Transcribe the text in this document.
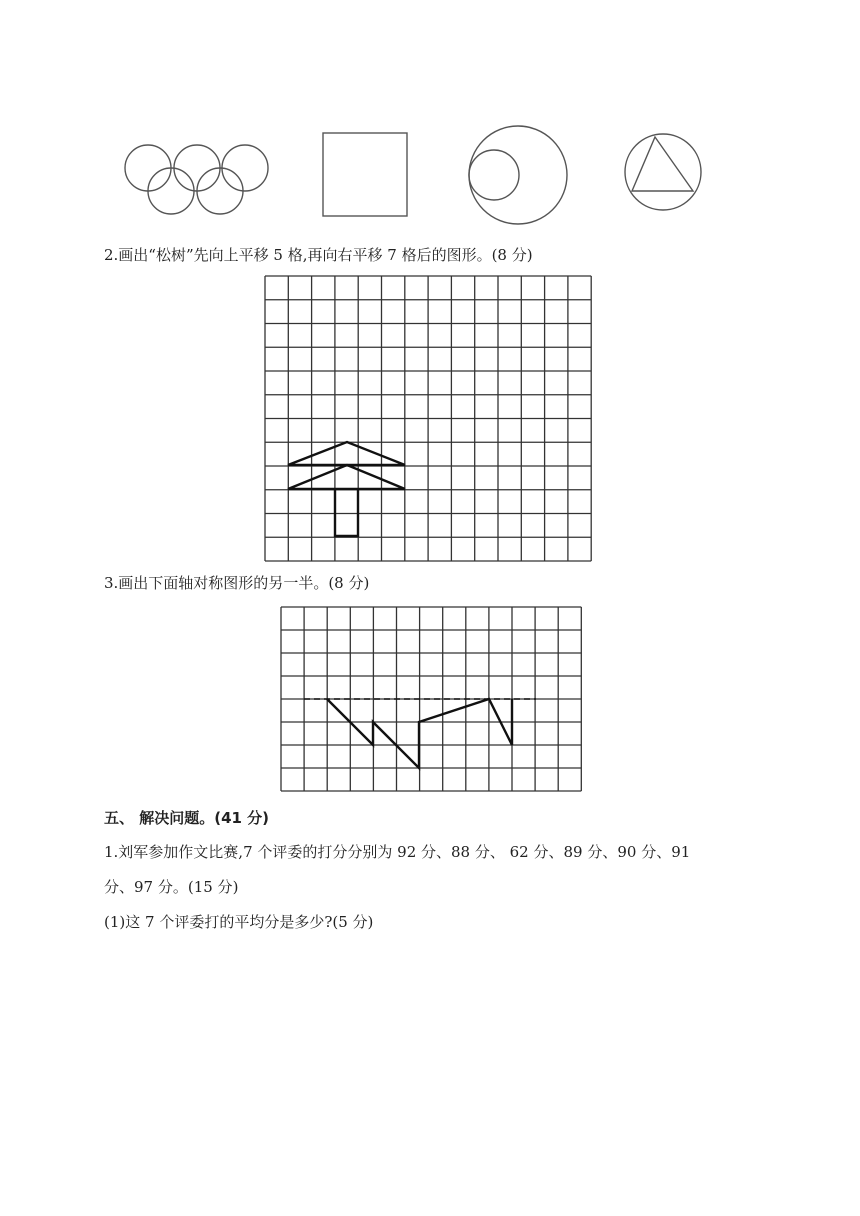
2.画出“松树”先向上平移 5 格,再向右平移 7 格后的图形。(8 分)
3.画出下面轴对称图形的另一半。(8 分)
五、 解决问题。(41 分)
1.刘军参加作文比赛,7 个评委的打分分别为 92 分、88 分、 62 分、89 分、90 分、91
分、97 分。(15 分)
(1)这 7 个评委打的平均分是多少?(5 分)
